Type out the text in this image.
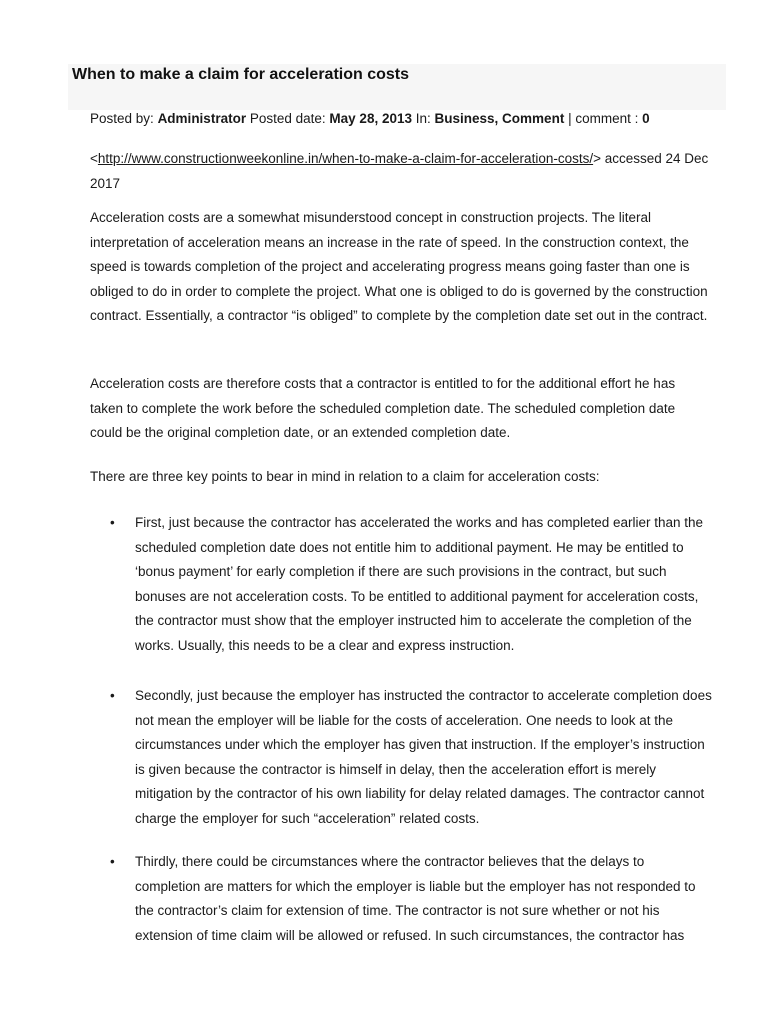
When to make a claim for acceleration costs
Posted by: Administrator Posted date: May 28, 2013 In: Business, Comment | comment : 0
<http://www.constructionweekonline.in/when-to-make-a-claim-for-acceleration-costs/> accessed 24 Dec 2017

Acceleration costs are a somewhat misunderstood concept in construction projects. The literal interpretation of acceleration means an increase in the rate of speed. In the construction context, the speed is towards completion of the project and accelerating progress means going faster than one is obliged to do in order to complete the project. What one is obliged to do is governed by the construction contract. Essentially, a contractor “is obliged” to complete by the completion date set out in the contract.

Acceleration costs are therefore costs that a contractor is entitled to for the additional effort he has taken to complete the work before the scheduled completion date. The scheduled completion date could be the original completion date, or an extended completion date.

There are three key points to bear in mind in relation to a claim for acceleration costs:

• First, just because the contractor has accelerated the works and has completed earlier than the scheduled completion date does not entitle him to additional payment. He may be entitled to ‘bonus payment’ for early completion if there are such provisions in the contract, but such bonuses are not acceleration costs. To be entitled to additional payment for acceleration costs, the contractor must show that the employer instructed him to accelerate the completion of the works. Usually, this needs to be a clear and express instruction.
• Secondly, just because the employer has instructed the contractor to accelerate completion does not mean the employer will be liable for the costs of acceleration. One needs to look at the circumstances under which the employer has given that instruction. If the employer’s instruction is given because the contractor is himself in delay, then the acceleration effort is merely mitigation by the contractor of his own liability for delay related damages. The contractor cannot charge the employer for such “acceleration” related costs.
• Thirdly, there could be circumstances where the contractor believes that the delays to completion are matters for which the employer is liable but the employer has not responded to the contractor’s claim for extension of time. The contractor is not sure whether or not his extension of time claim will be allowed or refused. In such circumstances, the contractor has
